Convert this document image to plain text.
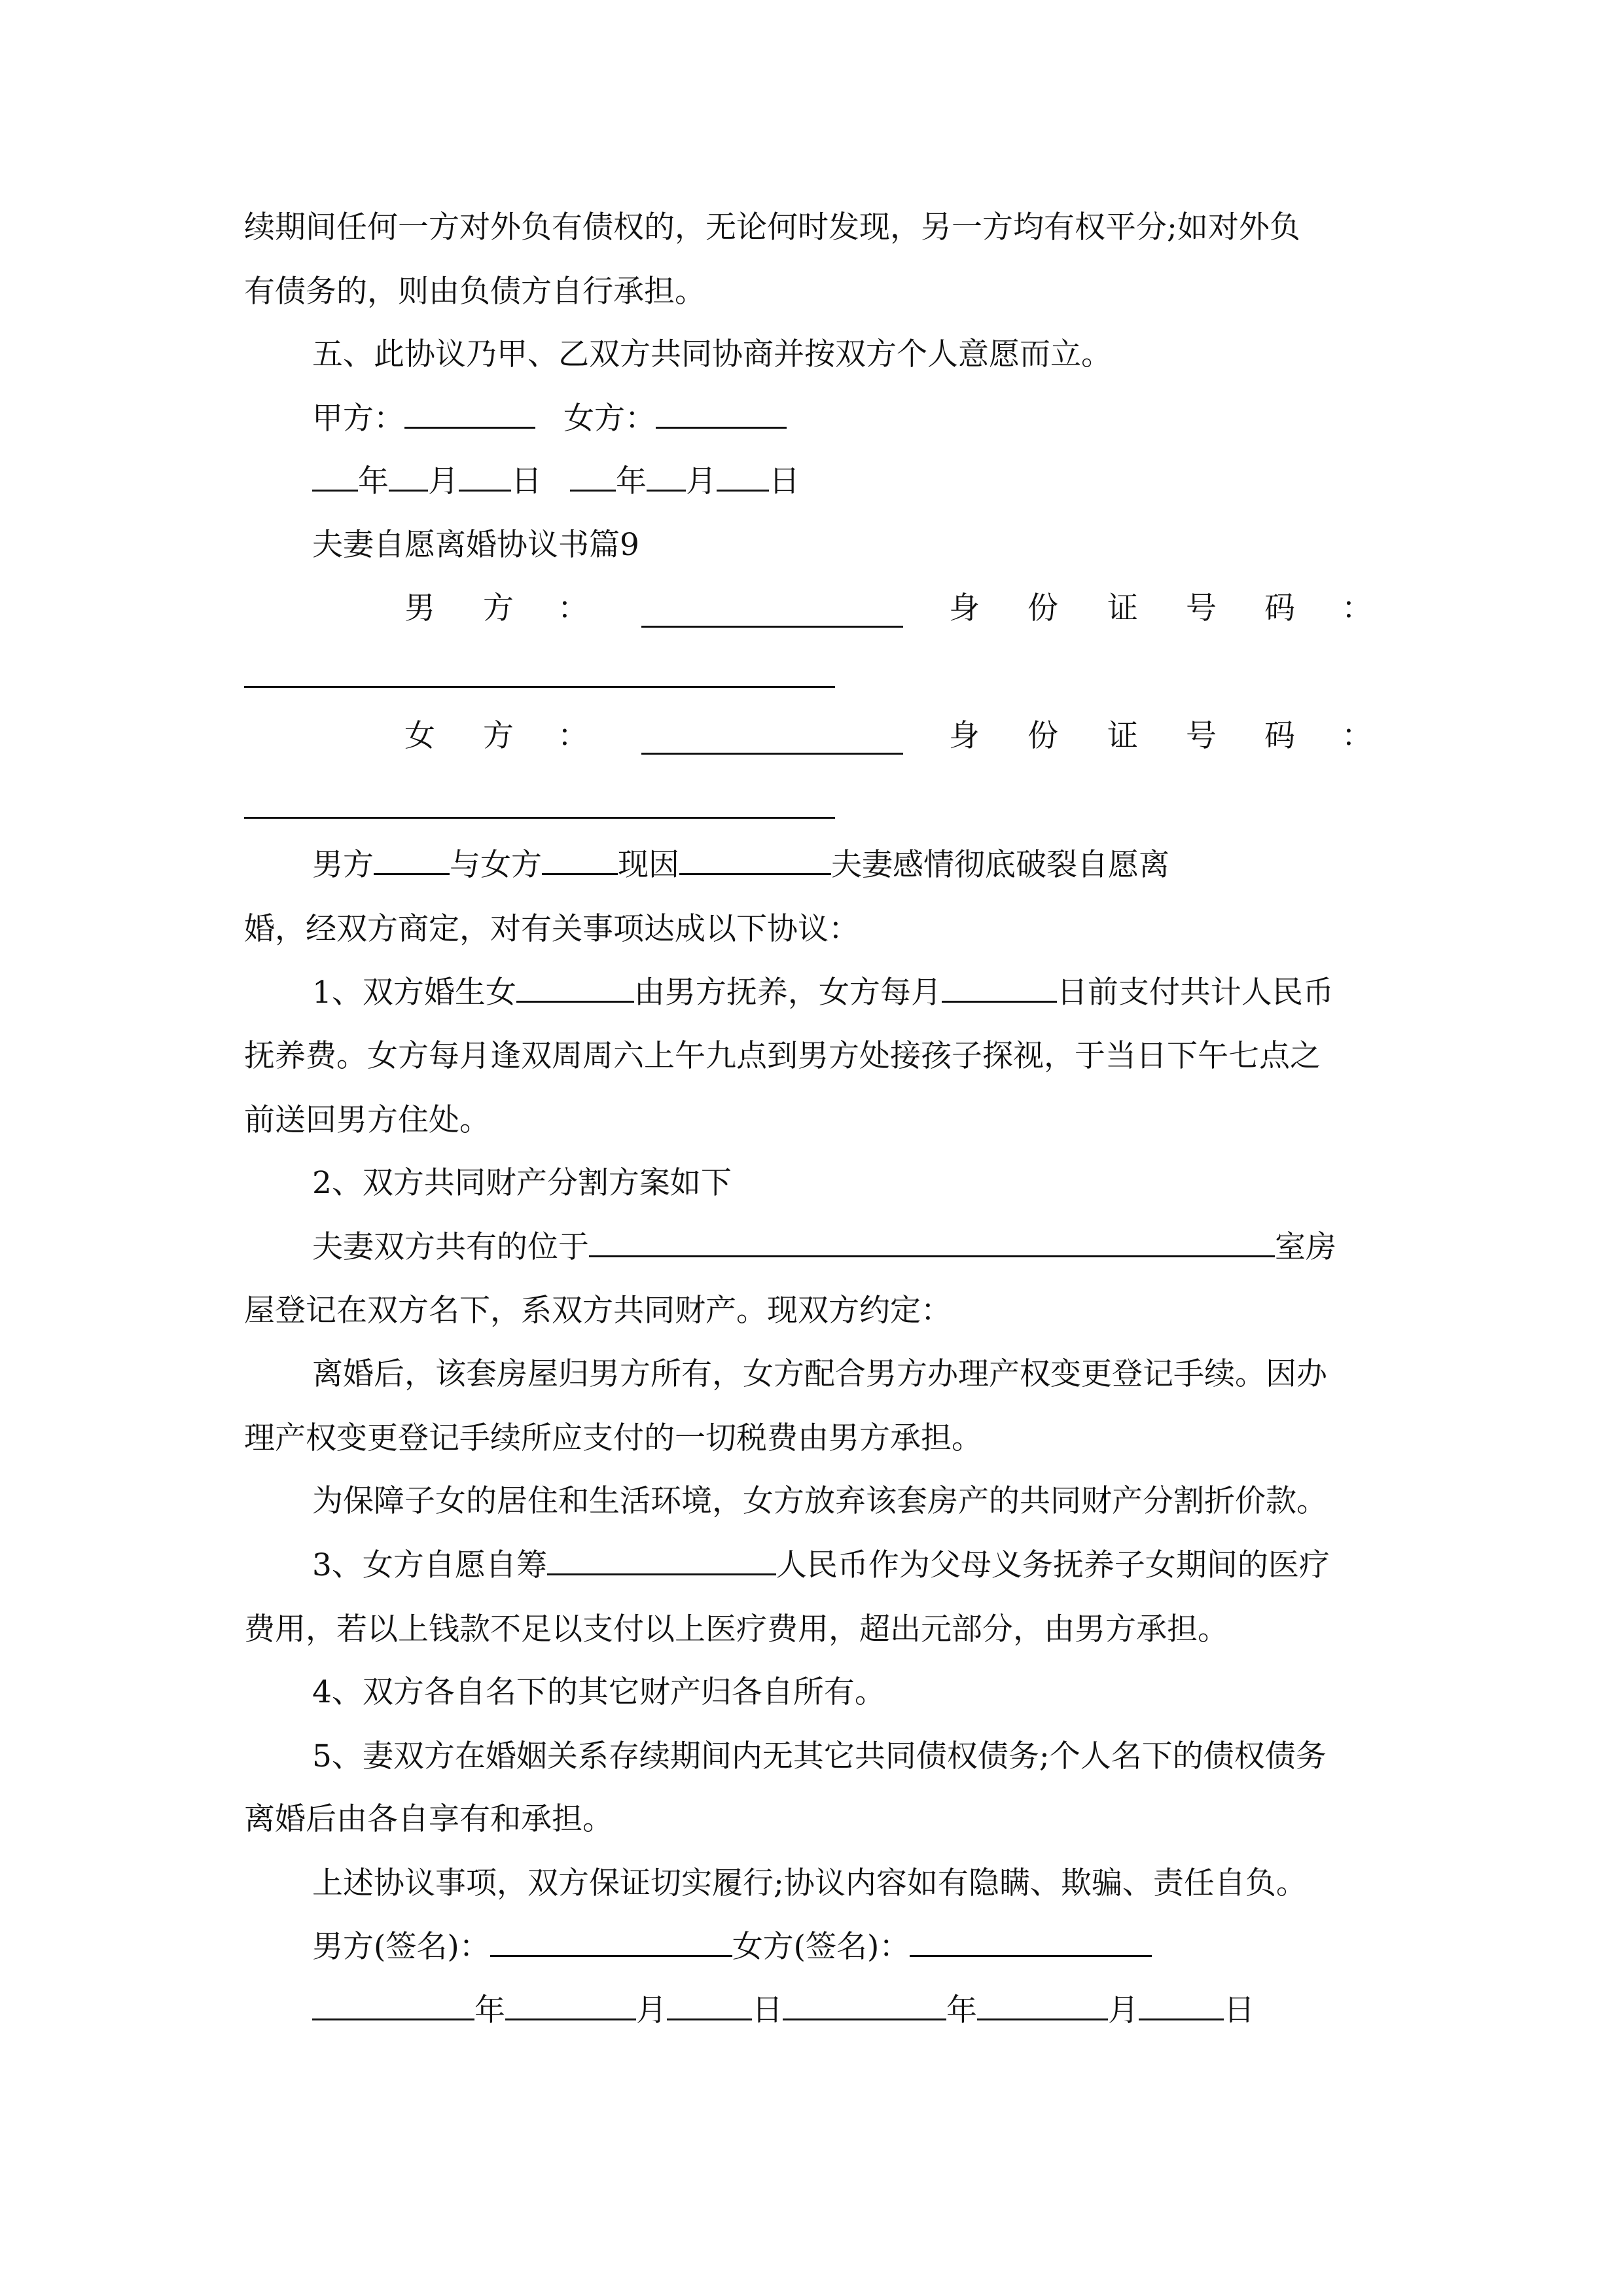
续期间任何一方对外负有债权的，无论何时发现，另一方均有权平分;如对外负
有债务的，则由负债方自行承担。
五、此协议乃甲、乙双方共同协商并按双方个人意愿而立。
甲方：	女方：
年 月 日 年 月 日
夫妻自愿离婚协议书篇9
男 方 ：	身 份 证 号 码 ：
女 方 ：	身 份 证 号 码 ：
男方 与女方 现因	夫妻感情彻底破裂自愿离
婚，经双方商定，对有关事项达成以下协议：
1、双方婚生女	由男方抚养，女方每月	日前支付共计人民币
抚养费。女方每月逢双周周六上午九点到男方处接孩子探视，于当日下午七点之
前送回男方住处。
2、双方共同财产分割方案如下
夫妻双方共有的位于	室房
屋登记在双方名下，系双方共同财产。现双方约定：
离婚后，该套房屋归男方所有，女方配合男方办理产权变更登记手续。因办
理产权变更登记手续所应支付的一切税费由男方承担。
为保障子女的居住和生活环境，女方放弃该套房产的共同财产分割折价款。
3、女方自愿自筹	人民币作为父母义务抚养子女期间的医疗
费用，若以上钱款不足以支付以上医疗费用，超出元部分，由男方承担。
4、双方各自名下的其它财产归各自所有。
5、妻双方在婚姻关系存续期间内无其它共同债权债务;个人名下的债权债务
离婚后由各自享有和承担。
上述协议事项，双方保证切实履行;协议内容如有隐瞒、欺骗、责任自负。
男方(签名)：	女方(签名)：
年	月	日	年	月	日
